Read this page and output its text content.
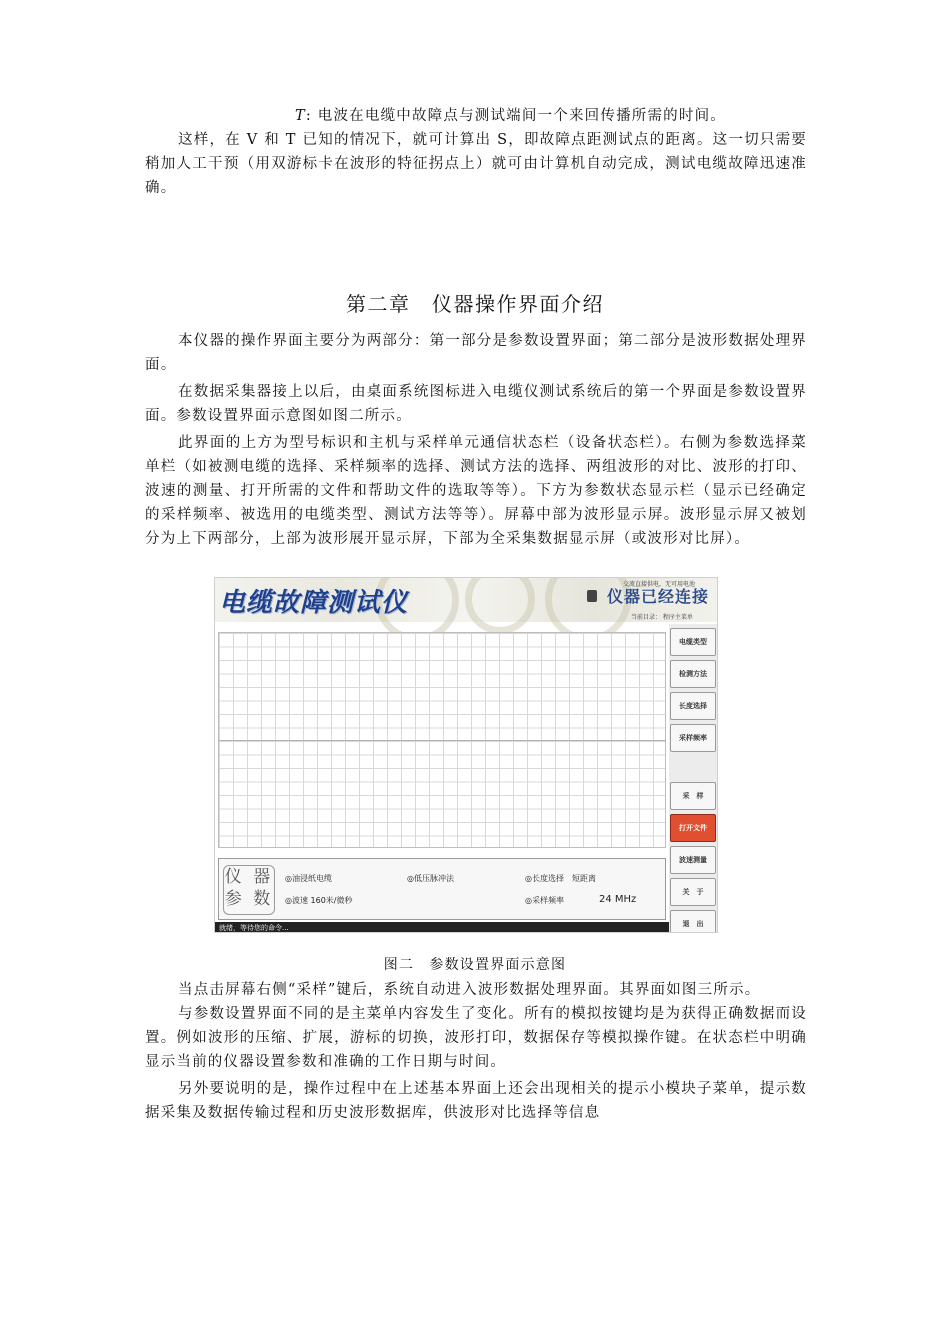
T: 电波在电缆中故障点与测试端间一个来回传播所需的时间。

这样，在 V 和 T 已知的情况下，就可计算出 S，即故障点距测试点的距离。这一切只需要稍加人工干预（用双游标卡在波形的特征拐点上）就可由计算机自动完成，测试电缆故障迅速准确。

第二章　仪器操作界面介绍

本仪器的操作界面主要分为两部分：第一部分是参数设置界面；第二部分是波形数据处理界面。

在数据采集器接上以后，由桌面系统图标进入电缆仪测试系统后的第一个界面是参数设置界面。参数设置界面示意图如图二所示。

此界面的上方为型号标识和主机与采样单元通信状态栏（设备状态栏）。右侧为参数选择菜单栏（如被测电缆的选择、采样频率的选择、测试方法的选择、两组波形的对比、波形的打印、波速的测量、打开所需的文件和帮助文件的选取等等）。下方为参数状态显示栏（显示已经确定的采样频率、被选用的电缆类型、测试方法等等）。屏幕中部为波形显示屏。波形显示屏又被划分为上下两部分，上部为波形展开显示屏，下部为全采集数据显示屏（或波形对比屏）。

电缆故障测试仪
交流直接供电，无可用电池
仪器已经连接
当前目录： 程序主菜单
电缆类型
检测方法
长度选择
采样频率
采　样
打开文件
波速测量
关　于
退　出
仪 器
参 数
◎油浸纸电缆	◎低压脉冲法	◎长度选择　短距离
◎波速 160米/微秒	◎采样频率	24 MHz
就绪，等待您的命令...
图二　参数设置界面示意图

当点击屏幕右侧“采样”键后，系统自动进入波形数据处理界面。其界面如图三所示。

与参数设置界面不同的是主菜单内容发生了变化。所有的模拟按键均是为获得正确数据而设置。例如波形的压缩、扩展，游标的切换，波形打印，数据保存等模拟操作键。在状态栏中明确显示当前的仪器设置参数和准确的工作日期与时间。

另外要说明的是，操作过程中在上述基本界面上还会出现相关的提示小模块子菜单，提示数据采集及数据传输过程和历史波形数据库，供波形对比选择等信息
